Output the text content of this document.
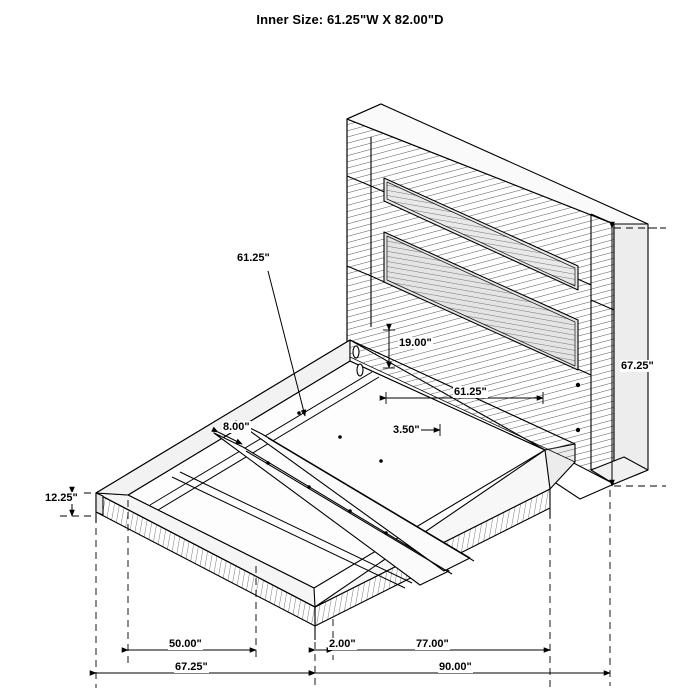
Inner Size: 61.25"W X 82.00"D
67.25"
61.25"
61.25"
19.00"
3.50"
8.00"
12.25"
50.00"
67.25"
2.00"	77.00"
90.00"
